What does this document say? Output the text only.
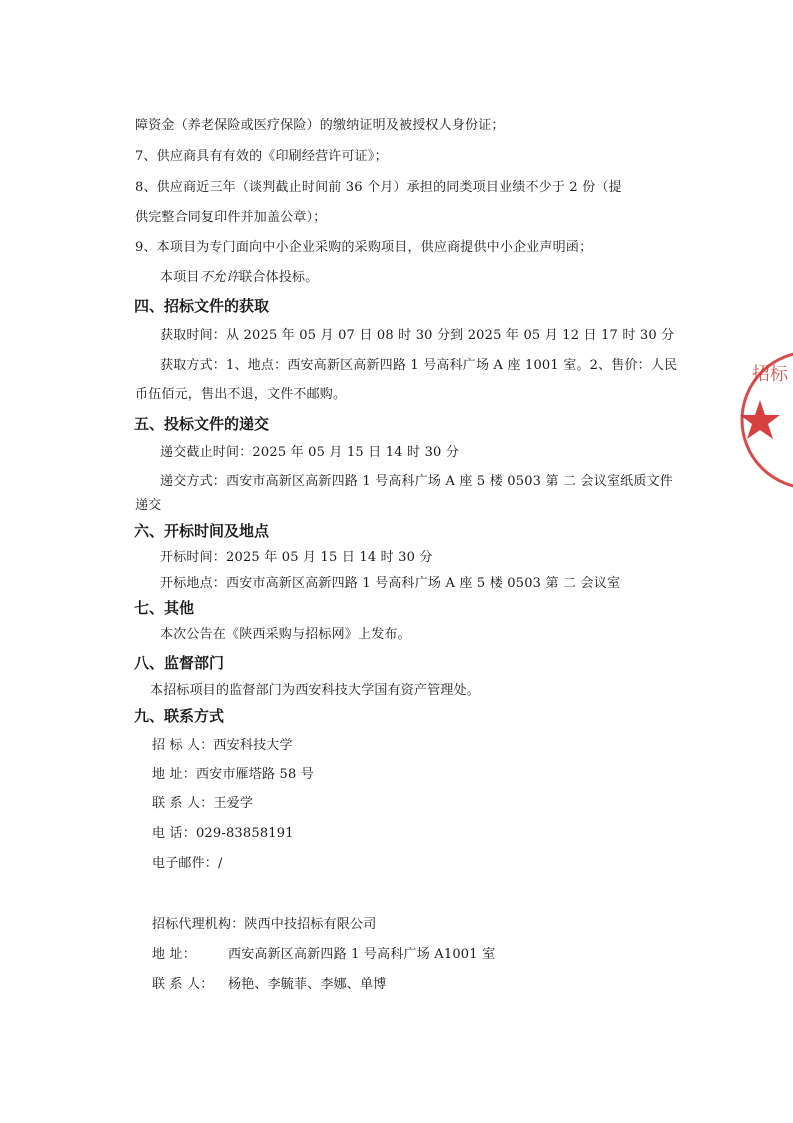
障资金（养老保险或医疗保险）的缴纳证明及被授权人身份证；
7、供应商具有有效的《印刷经营许可证》；
8、供应商近三年（谈判截止时间前 36 个月）承担的同类项目业绩不少于 2 份（提
供完整合同复印件并加盖公章）；
9、本项目为专门面向中小企业采购的采购项目，供应商提供中小企业声明函；
本项目不允许联合体投标。
四、招标文件的获取
获取时间：从 2025 年 05 月 07 日 08 时 30 分到 2025 年 05 月 12 日 17 时 30 分
获取方式：1、地点：西安高新区高新四路 1 号高科广场 A 座 1001 室。2、售价：人民
币伍佰元，售出不退，文件不邮购。
五、投标文件的递交
递交截止时间：2025 年 05 月 15 日 14 时 30 分
递交方式：西安市高新区高新四路 1 号高科广场 A 座 5 楼 0503 第 二 会议室纸质文件
递交
六、开标时间及地点
开标时间：2025 年 05 月 15 日 14 时 30 分
开标地点：西安市高新区高新四路 1 号高科广场 A 座 5 楼 0503 第 二 会议室
七、其他
本次公告在《陕西采购与招标网》上发布。
八、监督部门
本招标项目的监督部门为西安科技大学国有资产管理处。
九、联系方式
招 标 人：西安科技大学
地 址：西安市雁塔路 58 号
联 系 人：王爱学
电 话：029-83858191
电子邮件：/
招标代理机构：陕西中技招标有限公司
地 址： 西安高新区高新四路 1 号高科广场 A1001 室
联 系 人： 杨艳、李毓菲、李娜、单博
招标
